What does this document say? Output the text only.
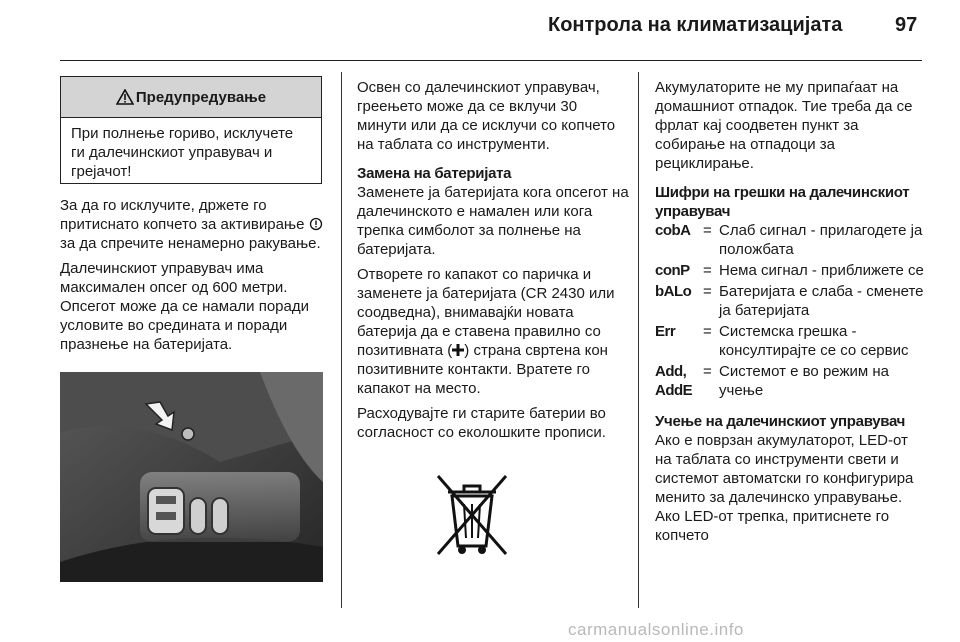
Контрола на климатизацијата	97
Предупредување
При полнење гориво, исклучете ги далечинскиот управувач и грејачот!

За да го исклучите, држете го притиснато копчето за активирање  за да спречите ненамерно ракување.

Далечинскиот управувач има максимален опсег од 600 метри. Опсегот може да се намали поради условите во средината и поради празнење на батеријата.

Освен со далечинскиот управувач, греењето може да се вклучи 30 минути или да се исклучи со копчето на таблата со инструменти.

Замена на батеријата

Заменете ја батеријата кога опсегот на далечинското е намален или кога трепка симболот за полнење на батеријата.

Отворете го капакот со паричка и заменете ја батеријата (CR 2430 или соодведна), внимавајќи новата батерија да е ставена правилно со позитивната ( ) страна свртена кон позитивните контакти. Вратете го капакот на место.

Расходувајте ги старите батерии во согласност со еколошките прописи.

Акумулаторите не му припаѓаат на домашниот отпадок. Тие треба да се фрлат кај соодветен пункт за собирање на отпадоци за рециклирање.

Шифри на грешки на далечинскиот управувач
cobA	=	Слаб сигнал - прилагодете ја положбата
conP	=	Нема сигнал - приближете се
bALo	=	Батеријата е слаба - сменете ја батеријата
Err	=	Системска грешка - консултирајте се со сервис
Add, AddE	=	Системот е во режим на учење
Учење на далечинскиот управувач

Ако е поврзан акумулаторот, LED-от на таблата со инструменти свети и системот автоматски го конфигурира менито за далечинско управување. Ако LED-от трепка, притиснете го копчето

carmanualsonline.info
